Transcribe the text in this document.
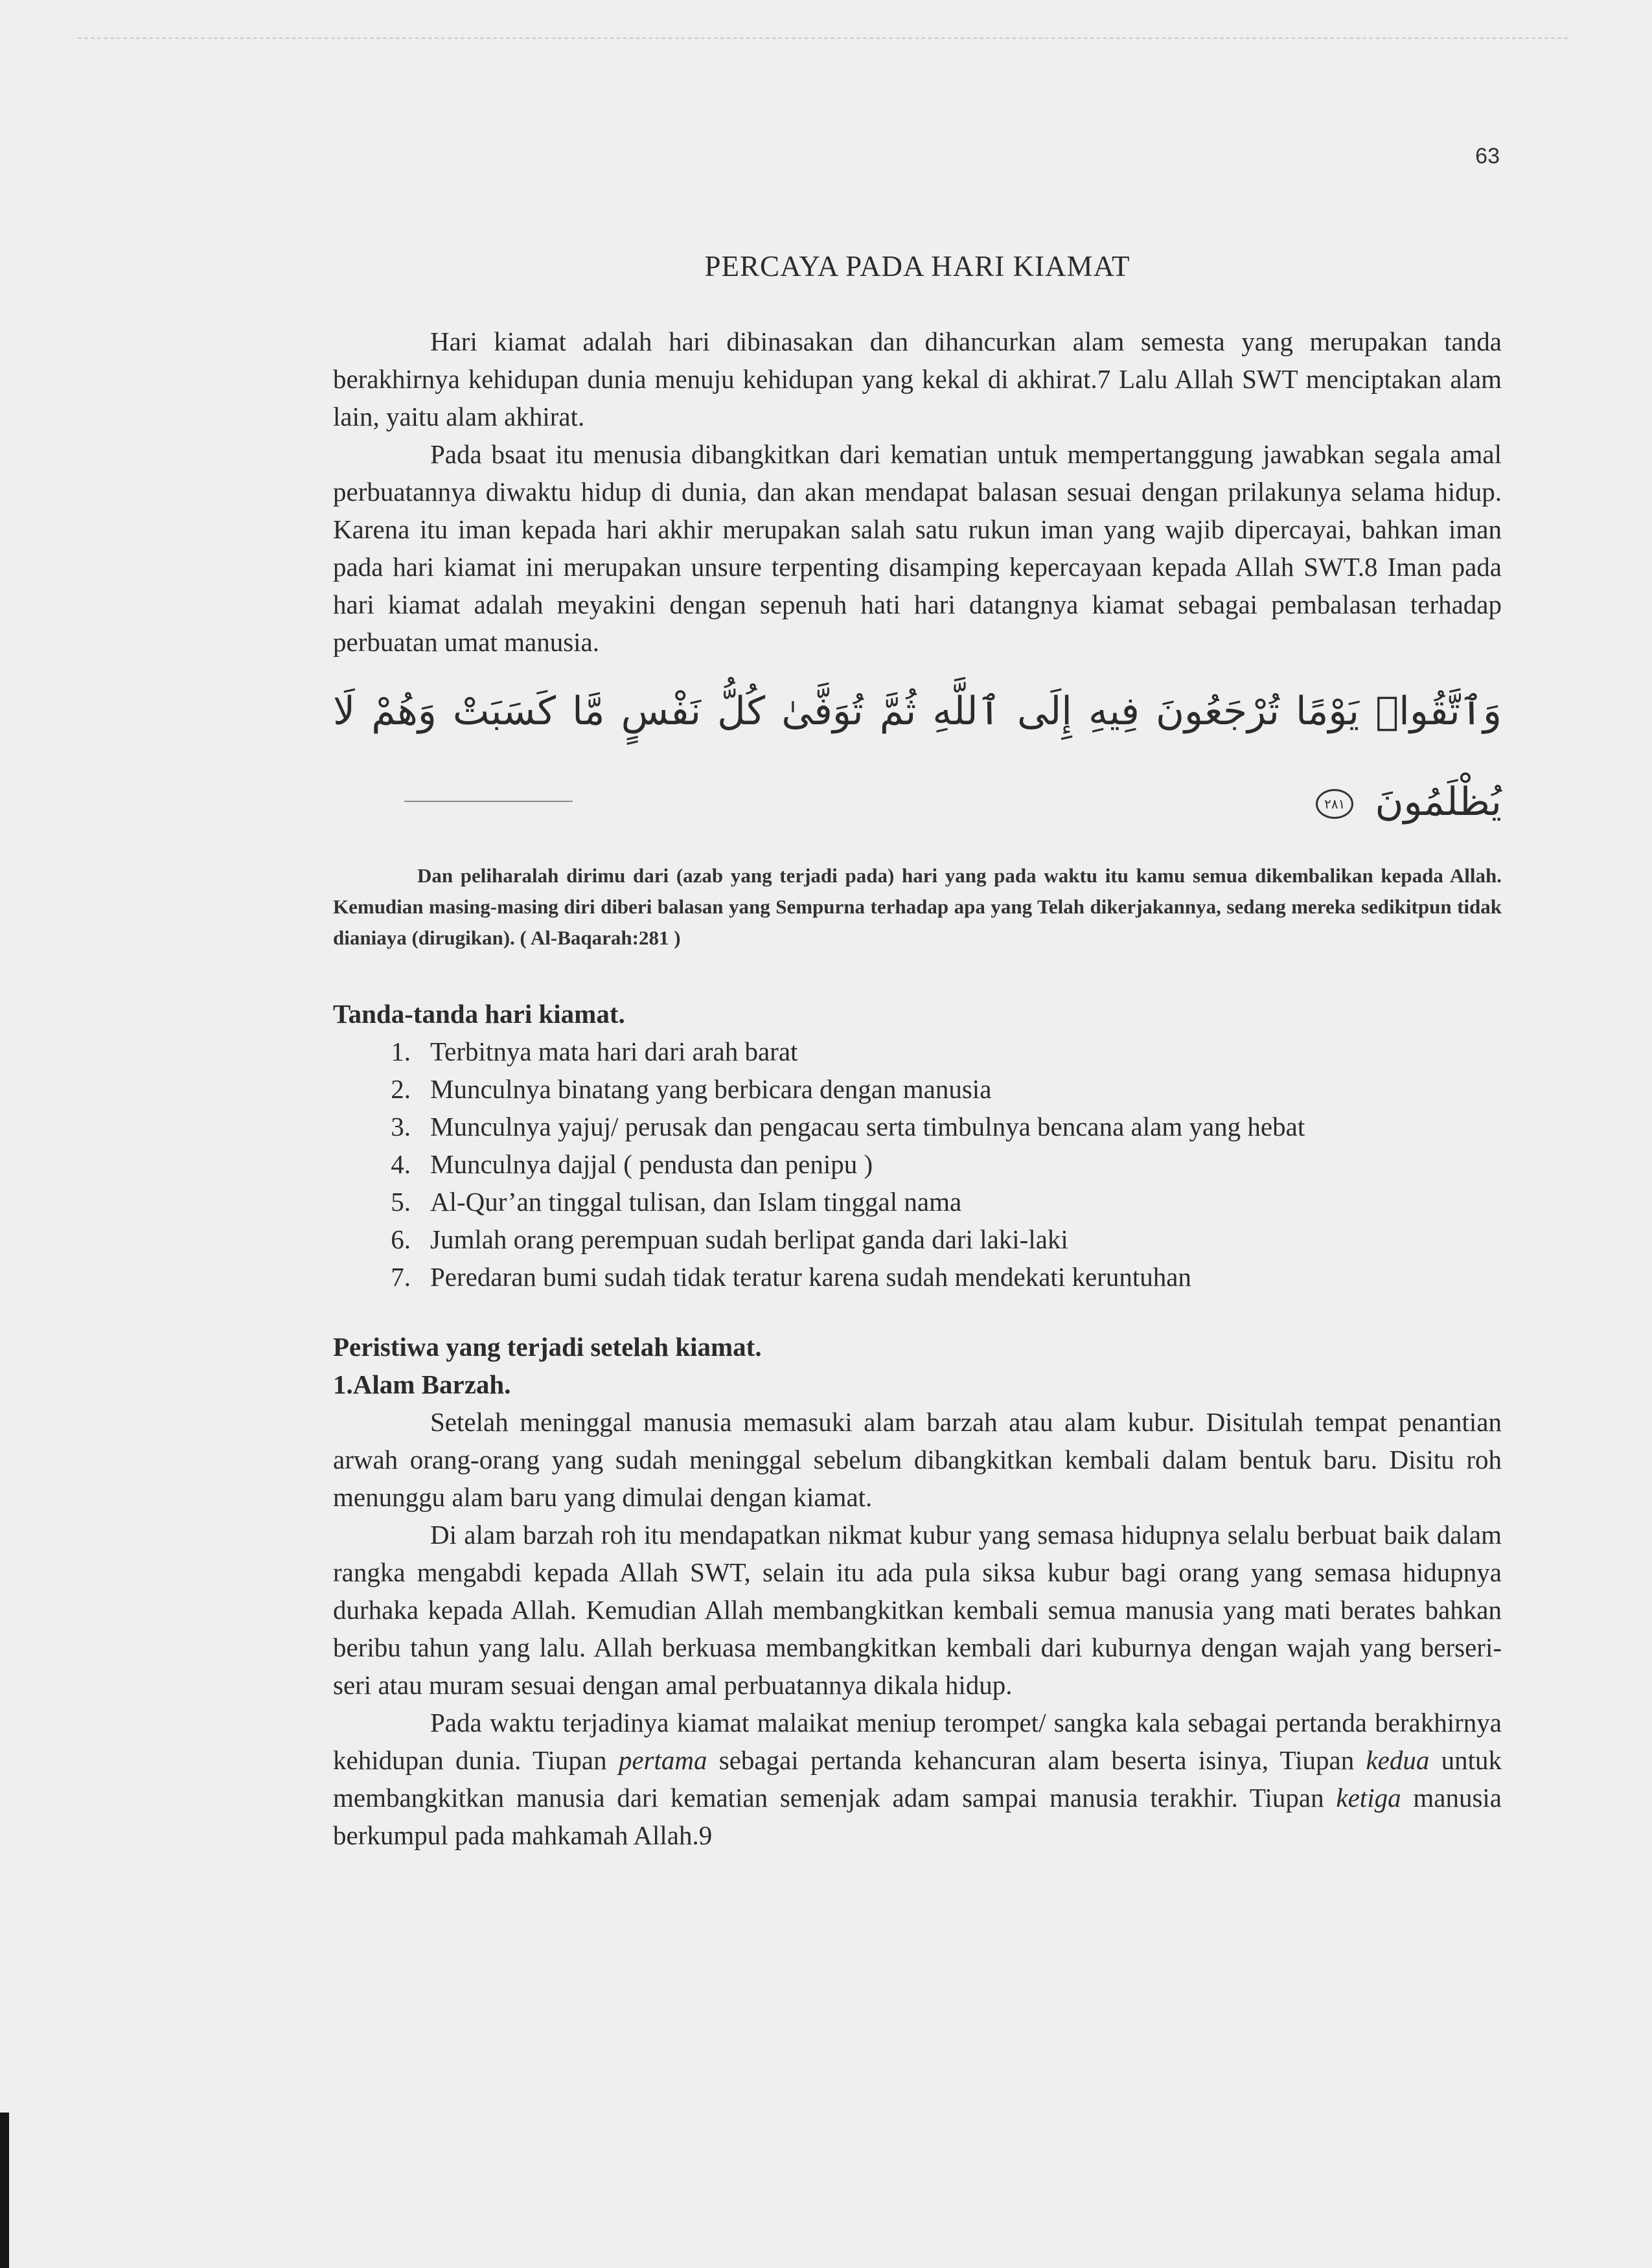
63
PERCAYA PADA HARI KIAMAT

Hari kiamat adalah hari dibinasakan dan dihancurkan alam semesta yang merupakan tanda berakhirnya kehidupan dunia menuju kehidupan yang kekal di akhirat.7 Lalu Allah SWT menciptakan alam lain, yaitu alam akhirat.

Pada bsaat itu menusia dibangkitkan dari kematian untuk mempertanggung jawabkan segala amal perbuatannya diwaktu hidup di dunia, dan akan mendapat balasan sesuai dengan prilakunya selama hidup. Karena itu iman kepada hari akhir merupakan salah satu rukun iman yang wajib dipercayai, bahkan iman pada hari kiamat ini merupakan unsure terpenting disamping kepercayaan kepada Allah SWT.8 Iman pada hari kiamat adalah meyakini dengan sepenuh hati hari datangnya kiamat sebagai pembalasan terhadap perbuatan umat manusia.

وَٱتَّقُوا۟ يَوْمًا تُرْجَعُونَ فِيهِ إِلَى ٱللَّهِ ثُمَّ تُوَفَّىٰ كُلُّ نَفْسٍ مَّا كَسَبَتْ وَهُمْ لَا
يُظْلَمُونَ ٢٨١
Dan peliharalah dirimu dari (azab yang terjadi pada) hari yang pada waktu itu kamu semua dikembalikan kepada Allah. Kemudian masing-masing diri diberi balasan yang Sempurna terhadap apa yang Telah dikerjakannya, sedang mereka sedikitpun tidak dianiaya (dirugikan). ( Al-Baqarah:281 )
Tanda-tanda hari kiamat.
1. Terbitnya mata hari dari arah barat
2. Munculnya binatang yang berbicara dengan manusia
3. Munculnya yajuj/ perusak dan pengacau serta timbulnya bencana alam yang hebat
4. Munculnya dajjal ( pendusta dan penipu )
5. Al-Qur’an tinggal tulisan, dan Islam tinggal nama
6. Jumlah orang perempuan sudah berlipat ganda dari laki-laki
7. Peredaran bumi sudah tidak teratur karena sudah mendekati keruntuhan
Peristiwa yang terjadi setelah kiamat.
1.Alam Barzah.

Setelah meninggal manusia memasuki alam barzah atau alam kubur. Disitulah tempat penantian arwah orang-orang yang sudah meninggal sebelum dibangkitkan kembali dalam bentuk baru. Disitu roh menunggu alam baru yang dimulai dengan kiamat.

Di alam barzah roh itu mendapatkan nikmat kubur yang semasa hidupnya selalu berbuat baik dalam rangka mengabdi kepada Allah SWT, selain itu ada pula siksa kubur bagi orang yang semasa hidupnya durhaka kepada Allah. Kemudian Allah membangkitkan kembali semua manusia yang mati berates bahkan beribu tahun yang lalu. Allah berkuasa membangkitkan kembali dari kuburnya dengan wajah yang berseri-seri atau muram sesuai dengan amal perbuatannya dikala hidup.

Pada waktu terjadinya kiamat malaikat meniup terompet/ sangka kala sebagai pertanda berakhirnya kehidupan dunia. Tiupan pertama sebagai pertanda kehancuran alam beserta isinya, Tiupan kedua untuk membangkitkan manusia dari kematian semenjak adam sampai manusia terakhir. Tiupan ketiga manusia berkumpul pada mahkamah Allah.9
